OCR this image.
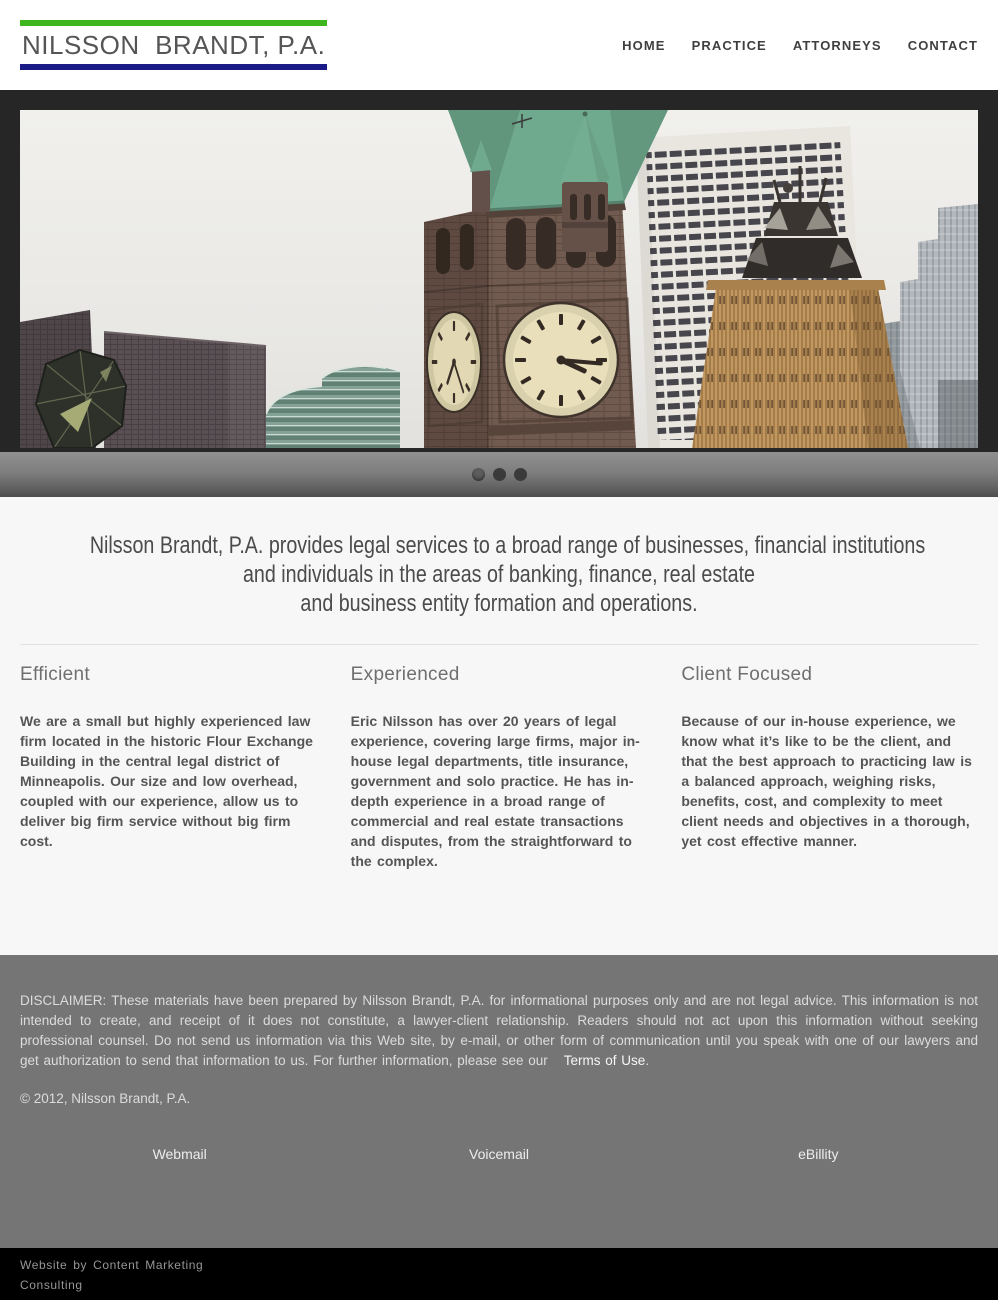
NILSSON  BRANDT, P.A.	HOME PRACTICE ATTORNEYS CONTACT
Nilsson Brandt, P.A. provides legal services to a broad range of businesses, financial institutions
and individuals in the areas of banking, finance, real estate
and business entity formation and operations.
Efficient
We are a small but highly experienced law firm located in the historic Flour Exchange Building in the central legal district of Minneapolis. Our size and low overhead, coupled with our experience, allow us to deliver big firm service without big firm cost.
Experienced
Eric Nilsson has over 20 years of legal experience, covering large firms, major in-house legal departments, title insurance, government and solo practice. He has in-depth experience in a broad range of commercial and real estate transactions and disputes, from the straightforward to the complex.
Client Focused
Because of our in-house experience, we know what it’s like to be the client, and that the best approach to practicing law is a balanced approach, weighing risks, benefits, cost, and complexity to meet client needs and objectives in a thorough, yet cost effective manner.
DISCLAIMER: These materials have been prepared by Nilsson Brandt, P.A. for informational purposes only and are not legal advice. This information is not intended to create, and receipt of it does not constitute, a lawyer-client relationship. Readers should not act upon this information without seeking professional counsel. Do not send us information via this Web site, by e-mail, or other form of communication until you speak with one of our lawyers and get authorization to send that information to us. For further information, please see our Terms of Use.
© 2012, Nilsson Brandt, P.A.
Webmail	Voicemail	eBillity
Website by Content Marketing
Consulting
